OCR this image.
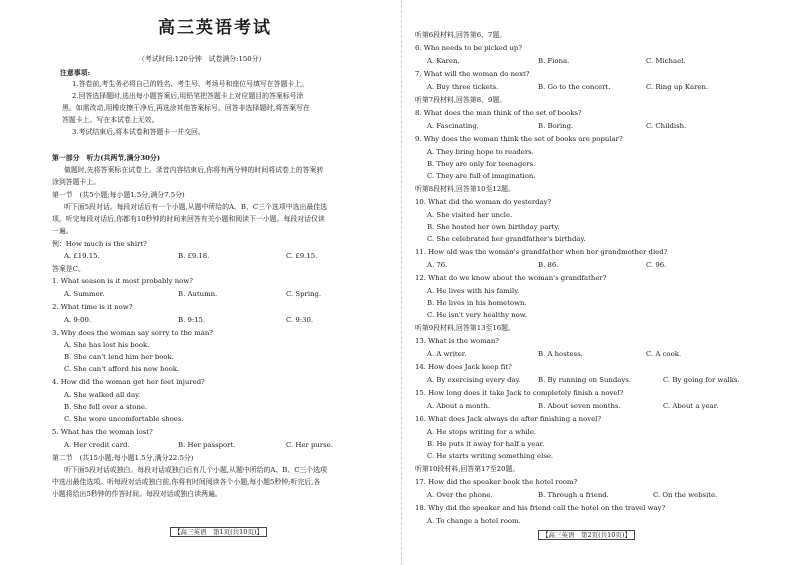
高三英语考试
（考试时间:120分钟　试卷满分:150分）
注意事项:
1.答卷前,考生务必将自己的姓名、考生号、考场号和座位号填写在答题卡上。
2.回答选择题时,选出每小题答案后,用铅笔把答题卡上对应题目的答案标号涂
黑。如需改动,用橡皮擦干净后,再选涂其他答案标号。回答非选择题时,将答案写在
答题卡上。写在本试卷上无效。
3.考试结束后,将本试卷和答题卡一并交回。
第一部分　听力(共两节,满分30分)
做题时,先将答案标在试卷上。录音内容结束后,你将有两分钟的时间将试卷上的答案转
涂到答题卡上。
第一节　(共5小题;每小题1.5分,满分7.5分)
听下面5段对话。每段对话后有一个小题,从题中所给的A、B、C三个选项中选出最佳选
项。听完每段对话后,你都有10秒钟的时间来回答有关小题和阅读下一小题。每段对话仅读
一遍。
例：How much is the shirt?
A. £19.15.	B. £9.18.	C. £9.15.
答案是C。
1. What season is it most probably now?
A. Summer.	B. Autumn.	C. Spring.
2. What time is it now?
A. 9:00.	B. 9:15.	C. 9:30.
3. Why does the woman say sorry to the man?
A. She has lost his book.
B. She can't lend him her book.
C. She can't afford his new book.
4. How did the woman get her feet injured?
A. She walked all day.
B. She fell over a stone.
C. She wore uncomfortable shoes.
5. What has the woman lost?
A. Her credit card.	B. Her passport.	C. Her purse.
第二节　(共15小题;每小题1.5分,满分22.5分)
听下面5段对话或独白。每段对话或独白后有几个小题,从题中所给的A、B、C三个选项
中选出最佳选项。听每段对话或独白前,你将有时间阅读各个小题,每小题5秒钟;听完后,各
小题将给出5秒钟的作答时间。每段对话或独白读两遍。
【高三英语　第1页(共10页)】
听第6段材料,回答第6、7题。
6. Who needs to be picked up?
A. Karen.	B. Fiona.	C. Michael.
7. What will the woman do next?
A. Buy three tickets.	B. Go to the concert.	C. Ring up Karen.
听第7段材料,回答第8、9题。
8. What does the man think of the set of books?
A. Fascinating.	B. Boring.	C. Childish.
9. Why does the woman think the set of books are popular?
A. They bring hope to readers.
B. They are only for teenagers.
C. They are full of imagination.
听第8段材料,回答第10至12题。
10. What did the woman do yesterday?
A. She visited her uncle.
B. She hosted her own birthday party.
C. She celebrated her grandfather's birthday.
11. How old was the woman's grandfather when her grandmother died?
A. 76.	B. 86.	C. 96.
12. What do we know about the woman's grandfather?
A. He lives with his family.
B. He lives in his hometown.
C. He isn't very healthy now.
听第9段材料,回答第13至16题。
13. What is the woman?
A. A writer.	B. A hostess.	C. A cook.
14. How does Jack keep fit?
A. By exercising every day. B. By running on Sundays.	C. By going for walks.
15. How long does it take Jack to completely finish a novel?
A. About a month.	B. About seven months.	C. About a year.
16. What does Jack always do after finishing a novel?
A. He stops writing for a while.
B. He puts it away for half a year.
C. He starts writing something else.
听第10段材料,回答第17至20题。
17. How did the speaker book the hotel room?
A. Over the phone.	B. Through a friend.	C. On the website.
18. Why did the speaker and his friend call the hotel on the travel way?
A. To change a hotel room.
【高三英语　第2页(共10页)】
